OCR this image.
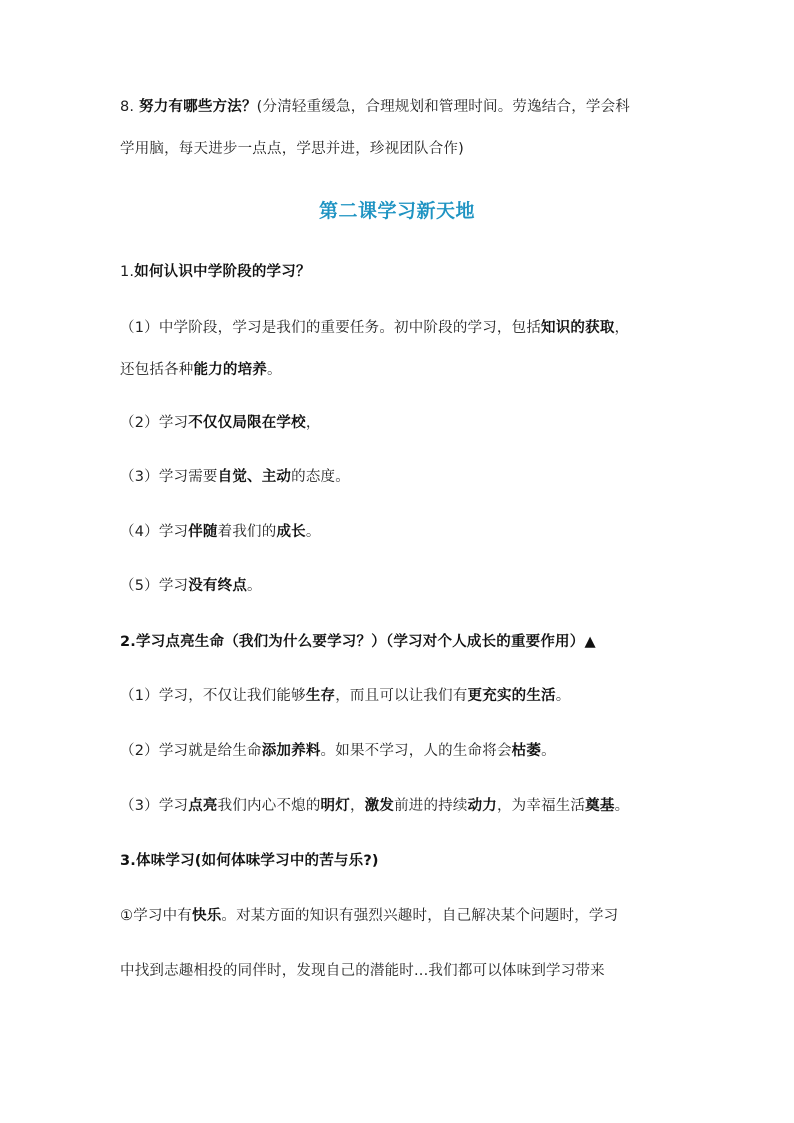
第二课学习新天地
8. 努力有哪些方法？(分清轻重缓急，合理规划和管理时间。劳逸结合，学会科
学用脑，每天进步一点点，学思并进，珍视团队合作)
1.如何认识中学阶段的学习？
（1）中学阶段，学习是我们的重要任务。初中阶段的学习，包括知识的获取，
还包括各种能力的培养。
（2）学习不仅仅局限在学校，
（3）学习需要自觉、主动的态度。
（4）学习伴随着我们的成长。
（5）学习没有终点。
2.学习点亮生命（我们为什么要学习？）（学习对个人成长的重要作用）▲
（1）学习，不仅让我们能够生存，而且可以让我们有更充实的生活。
（2）学习就是给生命添加养料。如果不学习，人的生命将会枯萎。
（3）学习点亮我们内心不熄的明灯，激发前进的持续动力，为幸福生活奠基。
3.体味学习(如何体味学习中的苦与乐?)
①学习中有快乐。对某方面的知识有强烈兴趣时，自己解决某个问题时，学习
中找到志趣相投的同伴时，发现自己的潜能时...我们都可以体味到学习带来
